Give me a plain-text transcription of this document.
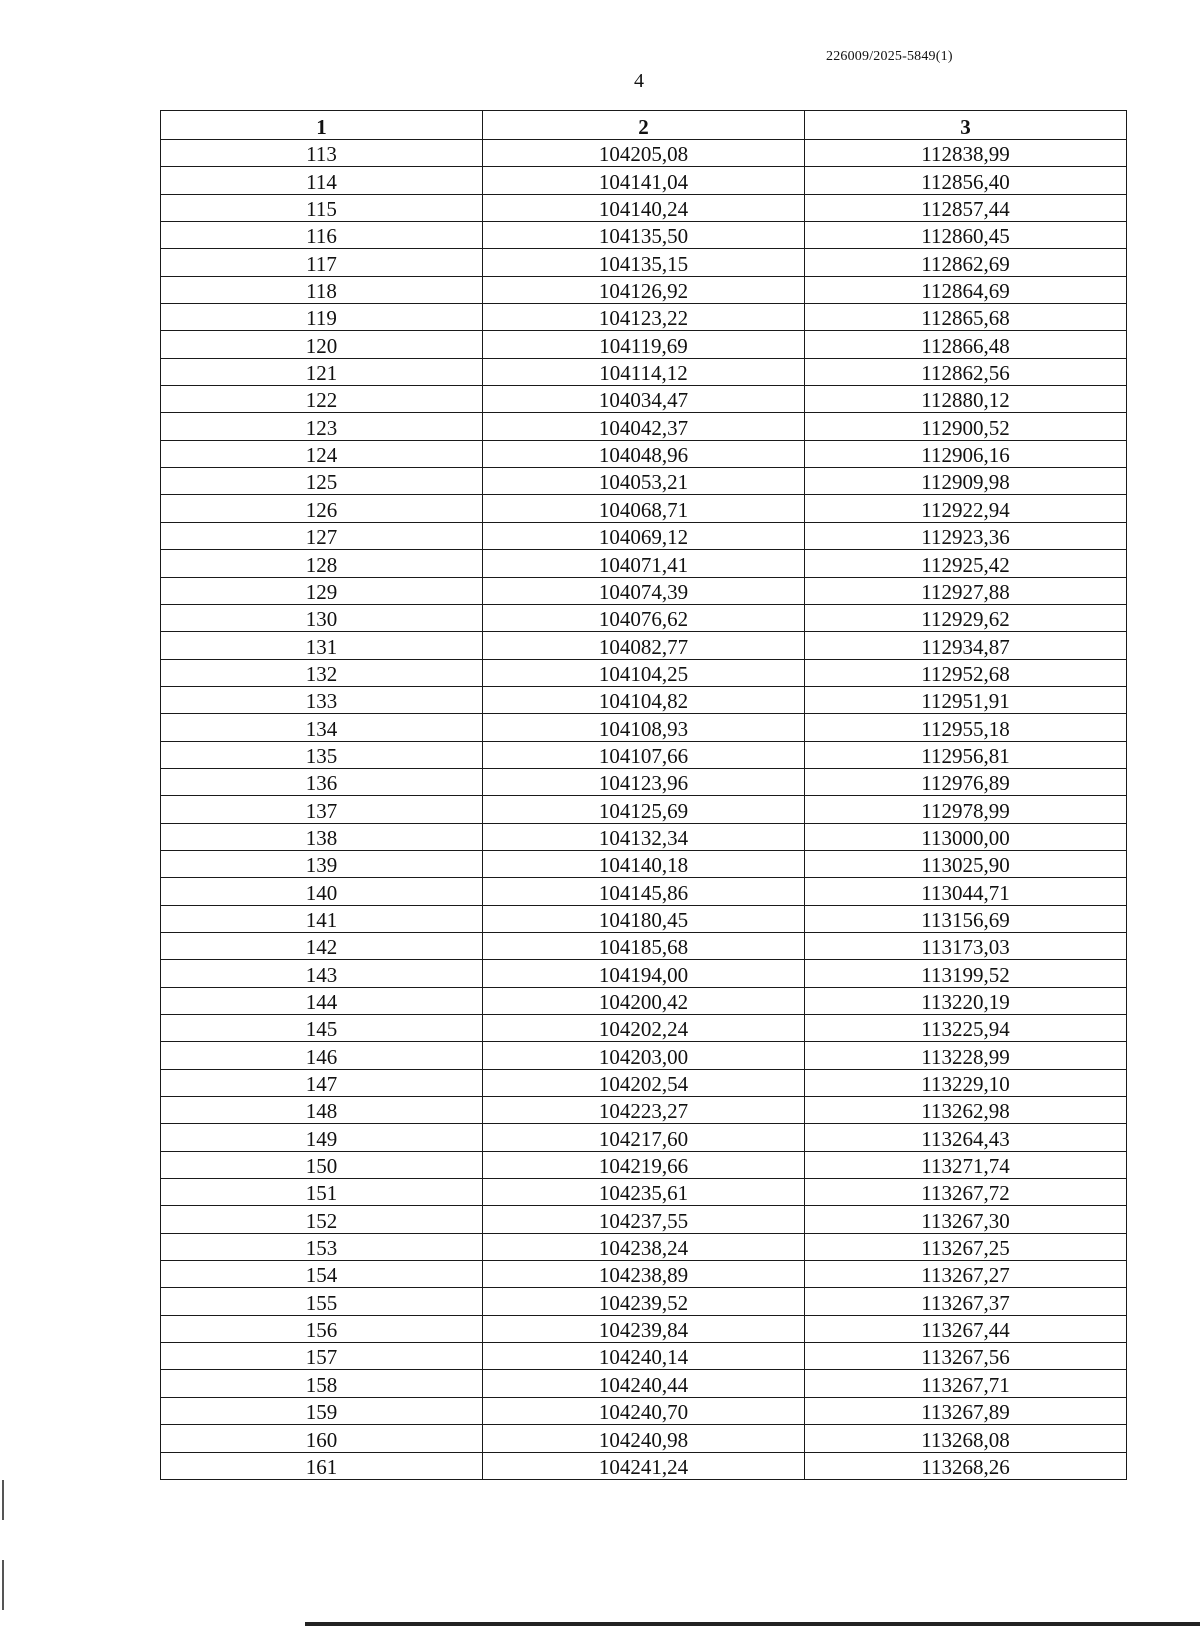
226009/2025-5849(1)
4
1	2	3
113	104205,08	112838,99
114	104141,04	112856,40
115	104140,24	112857,44
116	104135,50	112860,45
117	104135,15	112862,69
118	104126,92	112864,69
119	104123,22	112865,68
120	104119,69	112866,48
121	104114,12	112862,56
122	104034,47	112880,12
123	104042,37	112900,52
124	104048,96	112906,16
125	104053,21	112909,98
126	104068,71	112922,94
127	104069,12	112923,36
128	104071,41	112925,42
129	104074,39	112927,88
130	104076,62	112929,62
131	104082,77	112934,87
132	104104,25	112952,68
133	104104,82	112951,91
134	104108,93	112955,18
135	104107,66	112956,81
136	104123,96	112976,89
137	104125,69	112978,99
138	104132,34	113000,00
139	104140,18	113025,90
140	104145,86	113044,71
141	104180,45	113156,69
142	104185,68	113173,03
143	104194,00	113199,52
144	104200,42	113220,19
145	104202,24	113225,94
146	104203,00	113228,99
147	104202,54	113229,10
148	104223,27	113262,98
149	104217,60	113264,43
150	104219,66	113271,74
151	104235,61	113267,72
152	104237,55	113267,30
153	104238,24	113267,25
154	104238,89	113267,27
155	104239,52	113267,37
156	104239,84	113267,44
157	104240,14	113267,56
158	104240,44	113267,71
159	104240,70	113267,89
160	104240,98	113268,08
161	104241,24	113268,26
